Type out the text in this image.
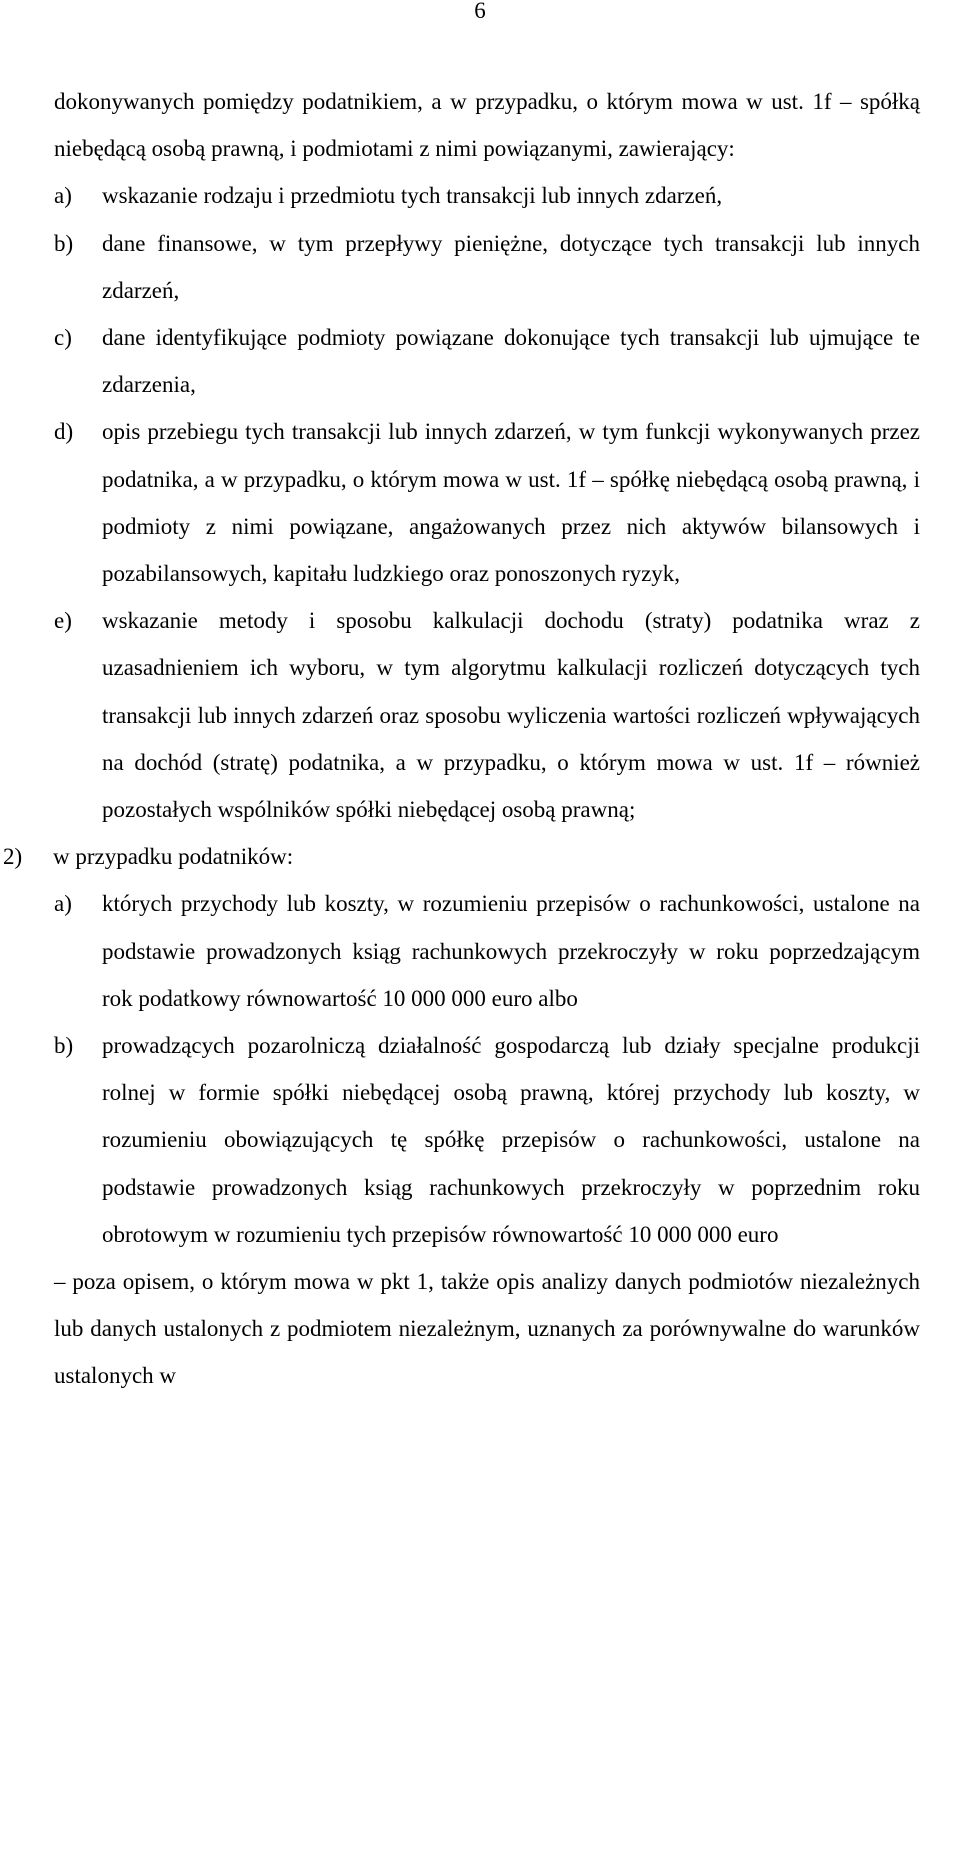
6

dokonywanych pomiędzy podatnikiem, a w przypadku, o którym mowa w ust. 1f – spółką niebędącą osobą prawną, i podmiotami z nimi powiązanymi, zawierający:

a) wskazanie rodzaju i przedmiotu tych transakcji lub innych zdarzeń,

b) dane finansowe, w tym przepływy pieniężne, dotyczące tych transakcji lub innych zdarzeń,

c) dane identyfikujące podmioty powiązane dokonujące tych transakcji lub ujmujące te zdarzenia,

d) opis przebiegu tych transakcji lub innych zdarzeń, w tym funkcji wykonywanych przez podatnika, a w przypadku, o którym mowa w ust. 1f – spółkę niebędącą osobą prawną, i podmioty z nimi powiązane, angażowanych przez nich aktywów bilansowych i pozabilansowych, kapitału ludzkiego oraz ponoszonych ryzyk,

e) wskazanie metody i sposobu kalkulacji dochodu (straty) podatnika wraz z uzasadnieniem ich wyboru, w tym algorytmu kalkulacji rozliczeń dotyczących tych transakcji lub innych zdarzeń oraz sposobu wyliczenia wartości rozliczeń wpływających na dochód (stratę) podatnika, a w przypadku, o którym mowa w ust. 1f – również pozostałych wspólników spółki niebędącej osobą prawną;

2) w przypadku podatników:

a) których przychody lub koszty, w rozumieniu przepisów o rachunkowości, ustalone na podstawie prowadzonych ksiąg rachunkowych przekroczyły w roku poprzedzającym rok podatkowy równowartość 10 000 000 euro albo

b) prowadzących pozarolniczą działalność gospodarczą lub działy specjalne produkcji rolnej w formie spółki niebędącej osobą prawną, której przychody lub koszty, w rozumieniu obowiązujących tę spółkę przepisów o rachunkowości, ustalone na podstawie prowadzonych ksiąg rachunkowych przekroczyły w poprzednim roku obrotowym w rozumieniu tych przepisów równowartość 10 000 000 euro

– poza opisem, o którym mowa w pkt 1, także opis analizy danych podmiotów niezależnych lub danych ustalonych z podmiotem niezależnym, uznanych za porównywalne do warunków ustalonych w
